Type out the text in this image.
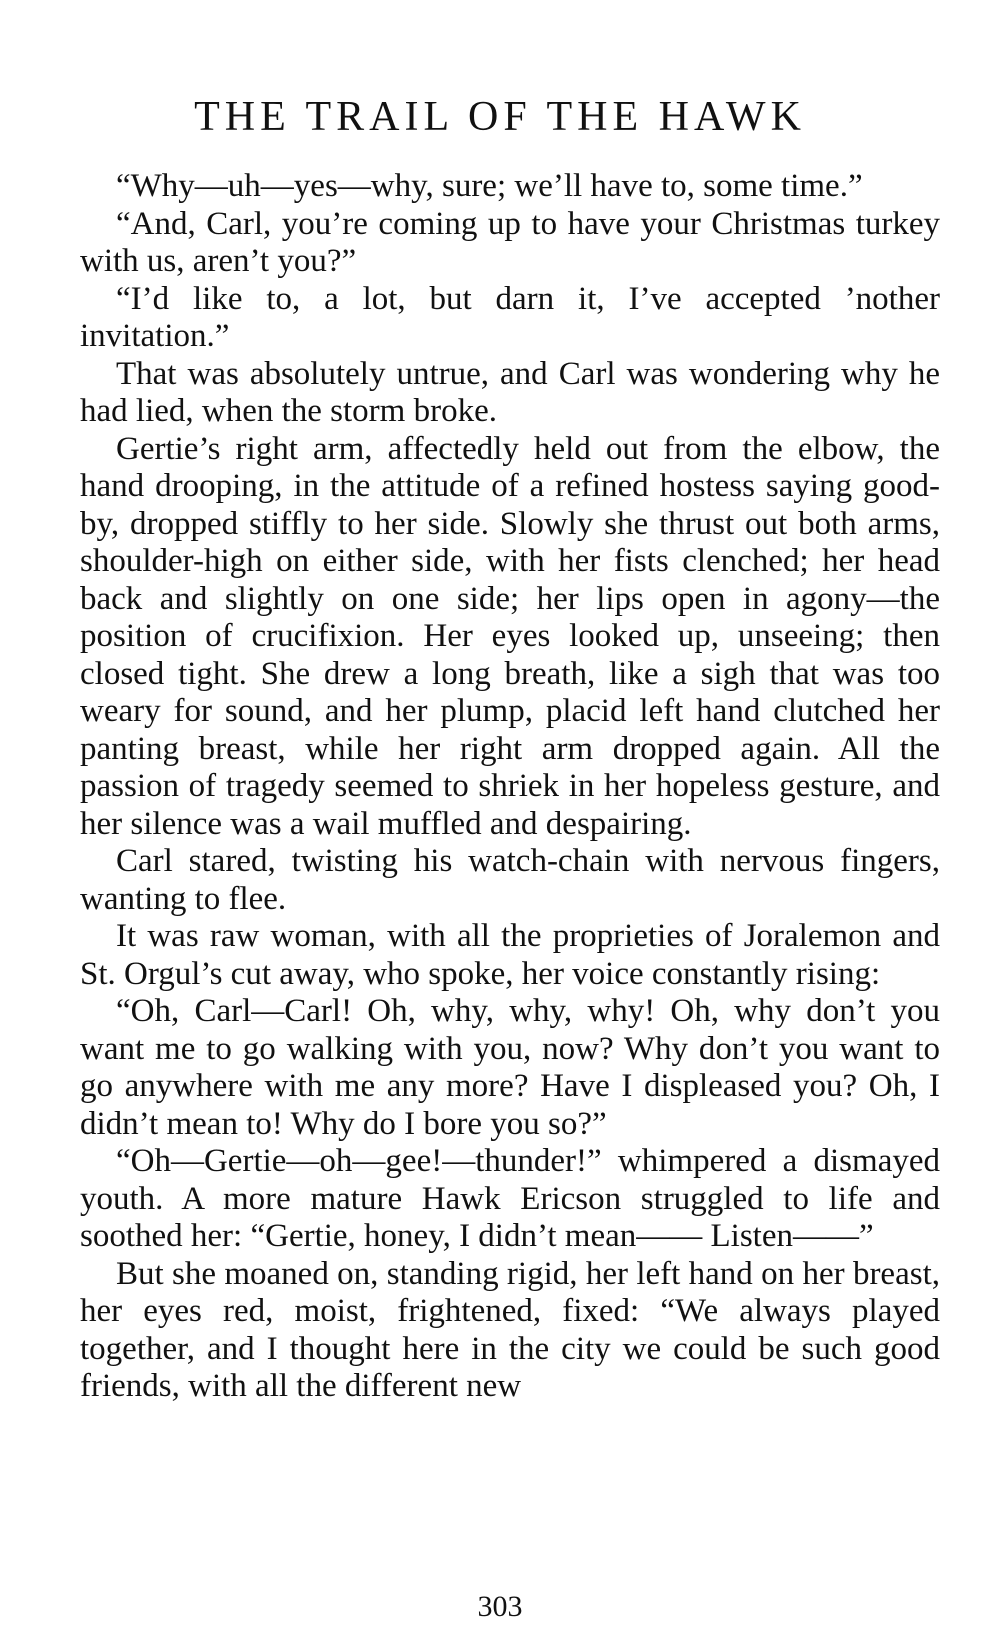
THE TRAIL OF THE HAWK

“Why—uh—yes—why, sure; we’ll have to, some time.”

“And, Carl, you’re coming up to have your Christmas turkey with us, aren’t you?”

“I’d like to, a lot, but darn it, I’ve accepted ’nother invitation.”

That was absolutely untrue, and Carl was wondering why he had lied, when the storm broke.

Gertie’s right arm, affectedly held out from the elbow, the hand drooping, in the attitude of a refined hostess saying good-by, dropped stiffly to her side. Slowly she thrust out both arms, shoulder-high on either side, with her fists clenched; her head back and slightly on one side; her lips open in agony—the position of crucifixion. Her eyes looked up, unseeing; then closed tight. She drew a long breath, like a sigh that was too weary for sound, and her plump, placid left hand clutched her panting breast, while her right arm dropped again. All the passion of tragedy seemed to shriek in her hopeless gesture, and her silence was a wail muffled and despairing.

Carl stared, twisting his watch-chain with nervous fingers, wanting to flee.

It was raw woman, with all the proprieties of Joralemon and St. Orgul’s cut away, who spoke, her voice constantly rising:

“Oh, Carl—Carl! Oh, why, why, why! Oh, why don’t you want me to go walking with you, now? Why don’t you want to go anywhere with me any more? Have I displeased you? Oh, I didn’t mean to! Why do I bore you so?”

“Oh—Gertie—oh—gee!—thunder!” whimpered a dismayed youth. A more mature Hawk Ericson struggled to life and soothed her: “Gertie, honey, I didn’t mean—— Listen——”

But she moaned on, standing rigid, her left hand on her breast, her eyes red, moist, frightened, fixed: “We always played together, and I thought here in the city we could be such good friends, with all the different new

303
